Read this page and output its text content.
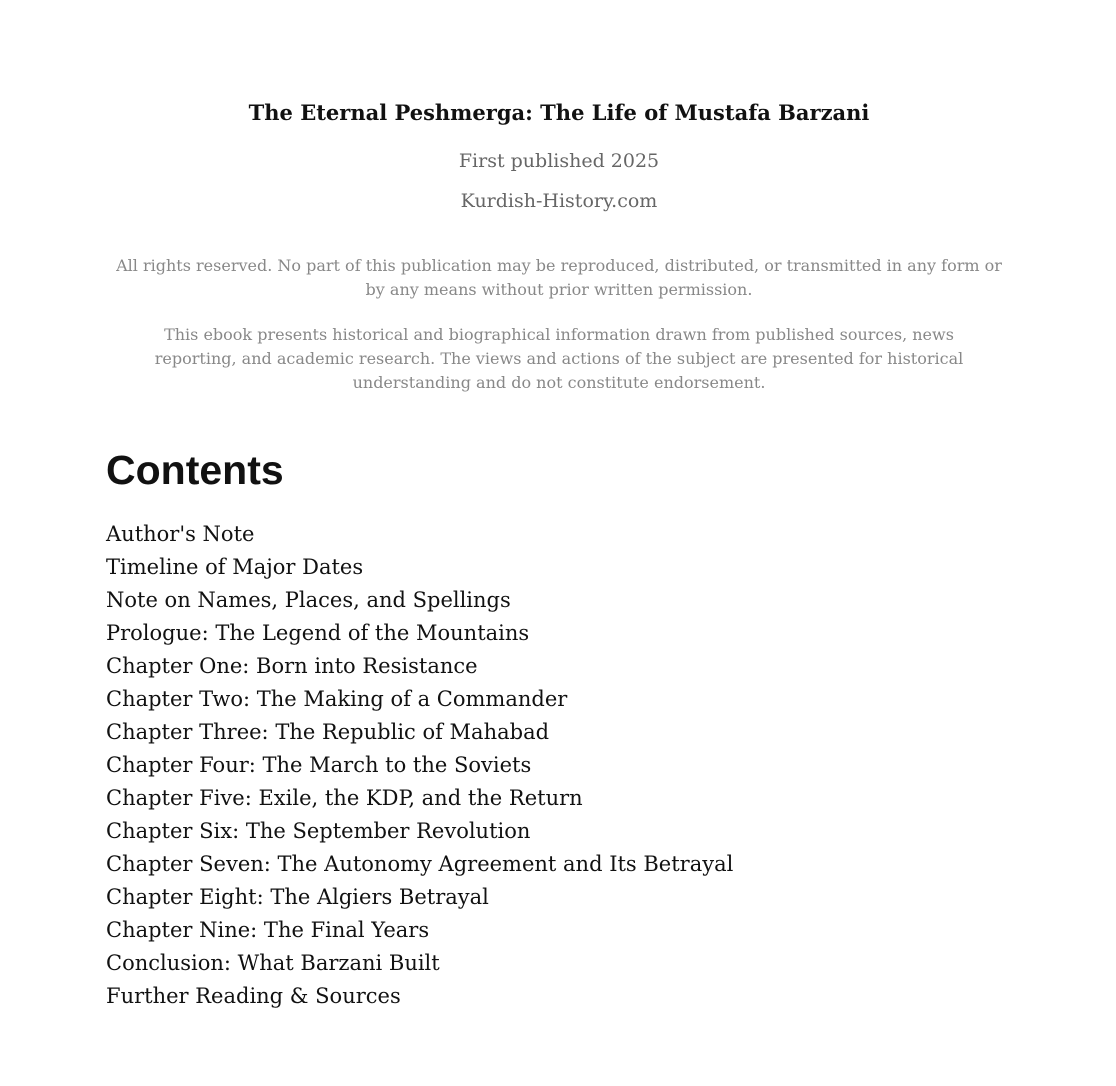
The Eternal Peshmerga: The Life of Mustafa Barzani

First published 2025

Kurdish-History.com

All rights reserved. No part of this publication may be reproduced, distributed, or transmitted in any form or by any means without prior written permission.

This ebook presents historical and biographical information drawn from published sources, news reporting, and academic research. The views and actions of the subject are presented for historical understanding and do not constitute endorsement.

Contents
Author's Note
Timeline of Major Dates
Note on Names, Places, and Spellings
Prologue: The Legend of the Mountains
Chapter One: Born into Resistance
Chapter Two: The Making of a Commander
Chapter Three: The Republic of Mahabad
Chapter Four: The March to the Soviets
Chapter Five: Exile, the KDP, and the Return
Chapter Six: The September Revolution
Chapter Seven: The Autonomy Agreement and Its Betrayal
Chapter Eight: The Algiers Betrayal
Chapter Nine: The Final Years
Conclusion: What Barzani Built
Further Reading & Sources
